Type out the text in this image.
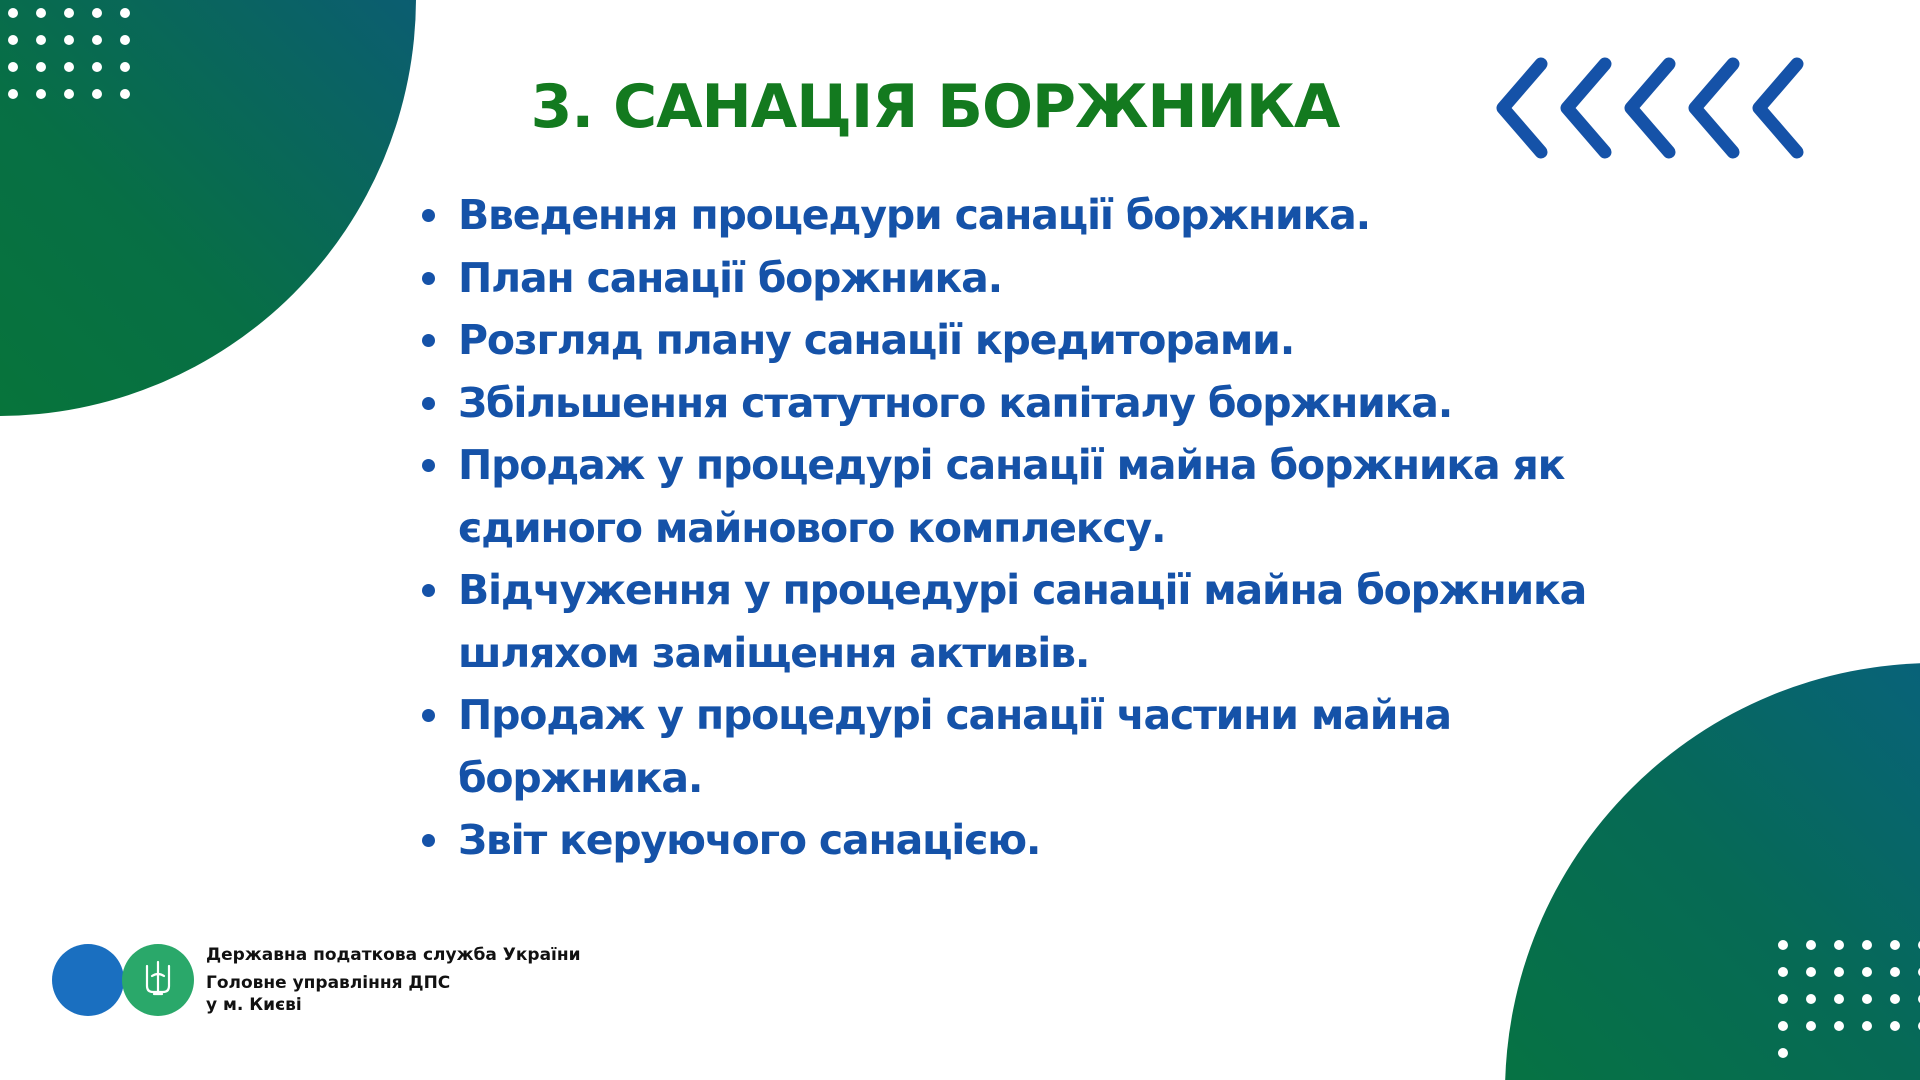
3. САНАЦІЯ БОРЖНИКА
Введення процедури санації боржника.
План санації боржника.
Розгляд плану санації кредиторами.
Збільшення статутного капіталу боржника.
Продаж у процедурі санації майна боржника як єдиного майнового комплексу.
Відчуження у процедурі санації майна боржника шляхом заміщення активів.
Продаж у процедурі санації частини майна боржника.
Звіт керуючого санацією.
Державна податкова служба України
Головне управління ДПС
у м. Києві
